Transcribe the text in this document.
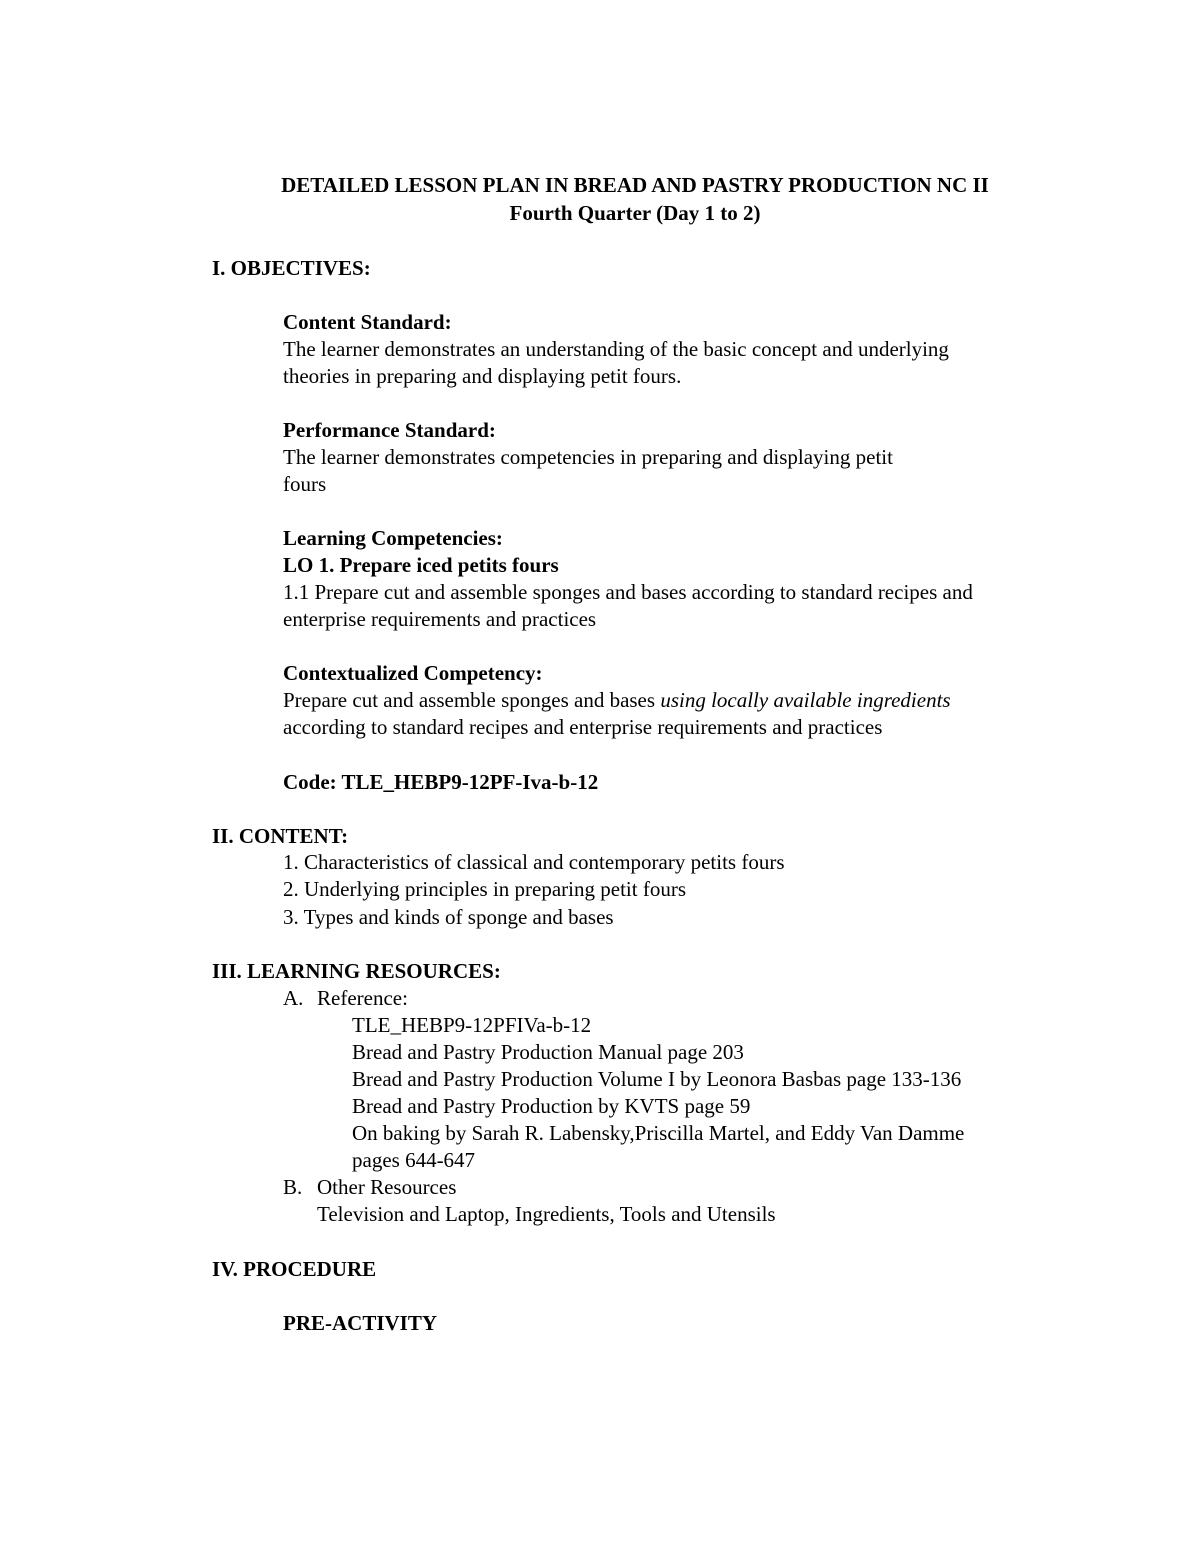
DETAILED LESSON PLAN IN BREAD AND PASTRY PRODUCTION NC II
Fourth Quarter (Day 1 to 2)
I. OBJECTIVES:
Content Standard:
The learner demonstrates an understanding of the basic concept and underlying
theories in preparing and displaying petit fours.
Performance Standard:
The learner demonstrates competencies in preparing and displaying petit
fours
Learning Competencies:
LO 1. Prepare iced petits fours
1.1 Prepare cut and assemble sponges and bases according to standard recipes and
enterprise requirements and practices
Contextualized Competency:
Prepare cut and assemble sponges and bases using locally available ingredients
according to standard recipes and enterprise requirements and practices
Code: TLE_HEBP9-12PF-Iva-b-12
II. CONTENT:
1. Characteristics of classical and contemporary petits fours
2. Underlying principles in preparing petit fours
3. Types and kinds of sponge and bases
III. LEARNING RESOURCES:
A. Reference:
TLE_HEBP9-12PFIVa-b-12
Bread and Pastry Production Manual page 203
Bread and Pastry Production Volume I by Leonora Basbas page 133-136
Bread and Pastry Production by KVTS page 59
On baking by Sarah R. Labensky,Priscilla Martel, and Eddy Van Damme
pages 644-647
B. Other Resources
Television and Laptop, Ingredients, Tools and Utensils
IV. PROCEDURE
PRE-ACTIVITY
